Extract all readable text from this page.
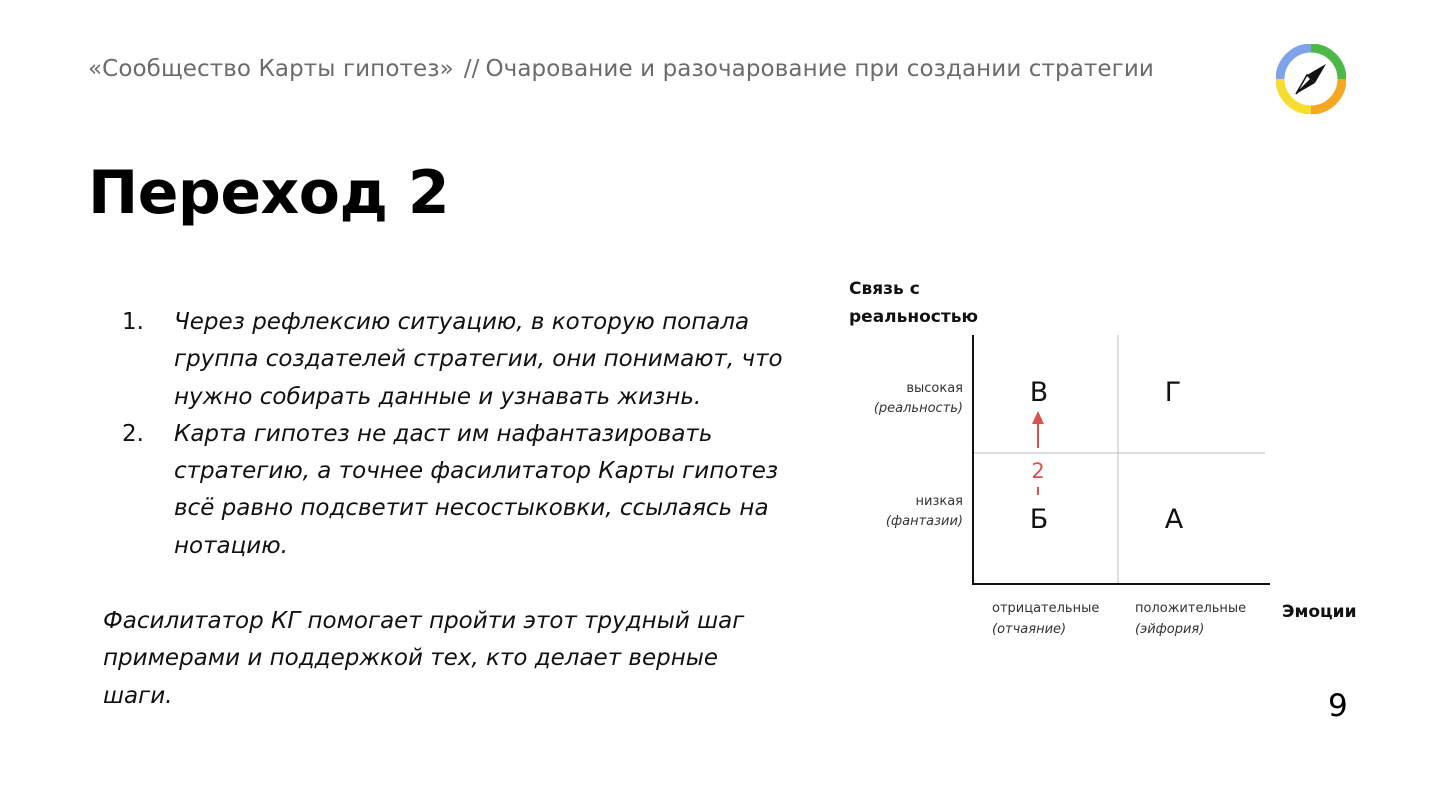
«Сообщество Карты гипотез» // Очарование и разочарование при создании стратегии
Переход 2
1. Через рефлексию ситуацию, в которую попала группа создателей стратегии, они понимают, что нужно собирать данные и узнавать жизнь.
2. Карта гипотез не даст им нафантазировать стратегию, а точнее фасилитатор Карты гипотез всё равно подсветит несостыковки, ссылаясь на нотацию.
Фасилитатор КГ помогает пройти этот трудный шаг примерами и поддержкой тех, кто делает верные шаги.
Связь с
реальностью
высокая
(реальность)
низкая
(фантазии)
отрицательные
(отчаяние)
положительные
(эйфория)
Эмоции
В	Г
Б	А
2
9
